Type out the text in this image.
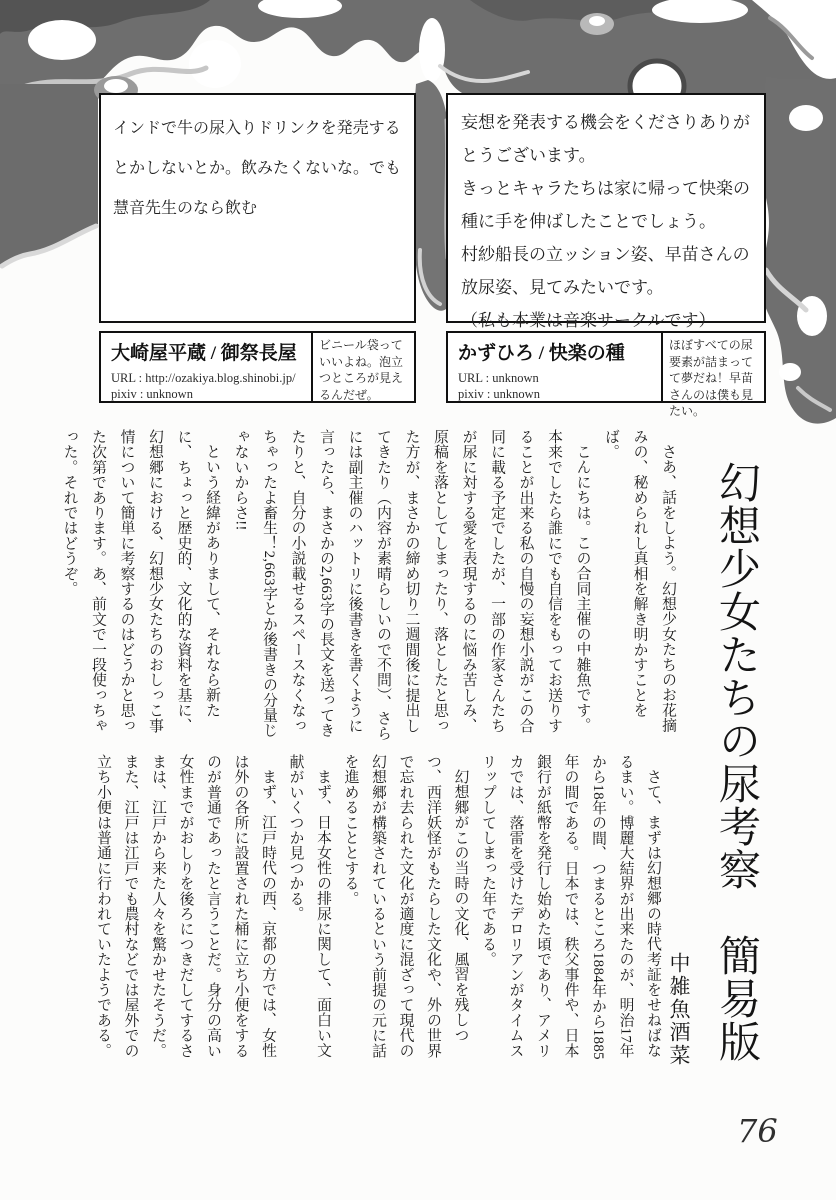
インドで牛の尿入りドリンクを発売するとかしないとか。飲みたくないな。でも慧音先生のなら飲む

妄想を発表する機会をくださりありがとうございます。

きっとキャラたちは家に帰って快楽の種に手を伸ばしたことでしょう。

村紗船長の立ッション姿、早苗さんの放尿姿、見てみたいです。

（私も本業は音楽サークルです）

大崎屋平蔵 / 御祭長屋

URL : http://ozakiya.blog.shinobi.jp/

pixiv : unknown

ビニール袋っていいよね。泡立つところが見えるんだぜ。

かずひろ / 快楽の種

URL : unknown

pixiv : unknown

ほぼすべての尿要素が詰まってて夢だね！早苗さんのは僕も見たい。
幻想少女たちの尿考察　簡易版
中雑魚酒菜

さあ、話をしよう。幻想少女たちのお花摘みの、秘められし真相を解き明かすことをば。

こんにちは。この合同主催の中雑魚です。本来でしたら誰にでも自信をもってお送りすることが出来る私の自慢の妄想小説がこの合同に載る予定でしたが、一部の作家さんたちが尿に対する愛を表現するのに悩み苦しみ、原稿を落としてしまったり、落としたと思った方が、まさかの締め切り二週間後に提出してきたり（内容が素晴らしいので不問）、さらには副主催のハットリに後書きを書くように言ったら、まさかの2,663字の長文を送ってきたりと、自分の小説載せるスペースなくなっちゃったよ畜生！2,663字とか後書きの分量じゃないからさ!!

という経緯がありまして、それなら新たに、ちょっと歴史的、文化的な資料を基に、幻想郷における、幻想少女たちのおしっこ事情について簡単に考察するのはどうかと思った次第であります。あ、前文で一段使っちゃった。それではどうぞ。

さて、まずは幻想郷の時代考証をせねばなるまい。博麗大結界が出来たのが、明治17年から18年の間、つまるところ1884年から1885年の間である。日本では、秩父事件や、日本銀行が紙幣を発行し始めた頃であり、アメリカでは、落雷を受けたデロリアンがタイムスリップしてしまった年である。

幻想郷がこの当時の文化、風習を残しつつ、西洋妖怪がもたらした文化や、外の世界で忘れ去られた文化が適度に混ざって現代の幻想郷が構築されているという前提の元に話を進めることとする。

まず、日本女性の排尿に関して、面白い文献がいくつか見つかる。

まず、江戸時代の西、京都の方では、女性は外の各所に設置された桶に立ち小便をするのが普通であったと言うことだ。身分の高い女性までがおしりを後ろにつきだしてするさまは、江戸から来た人々を驚かせたそうだ。また、江戸は江戸でも農村などでは屋外での立ち小便は普通に行われていたようである。

76
